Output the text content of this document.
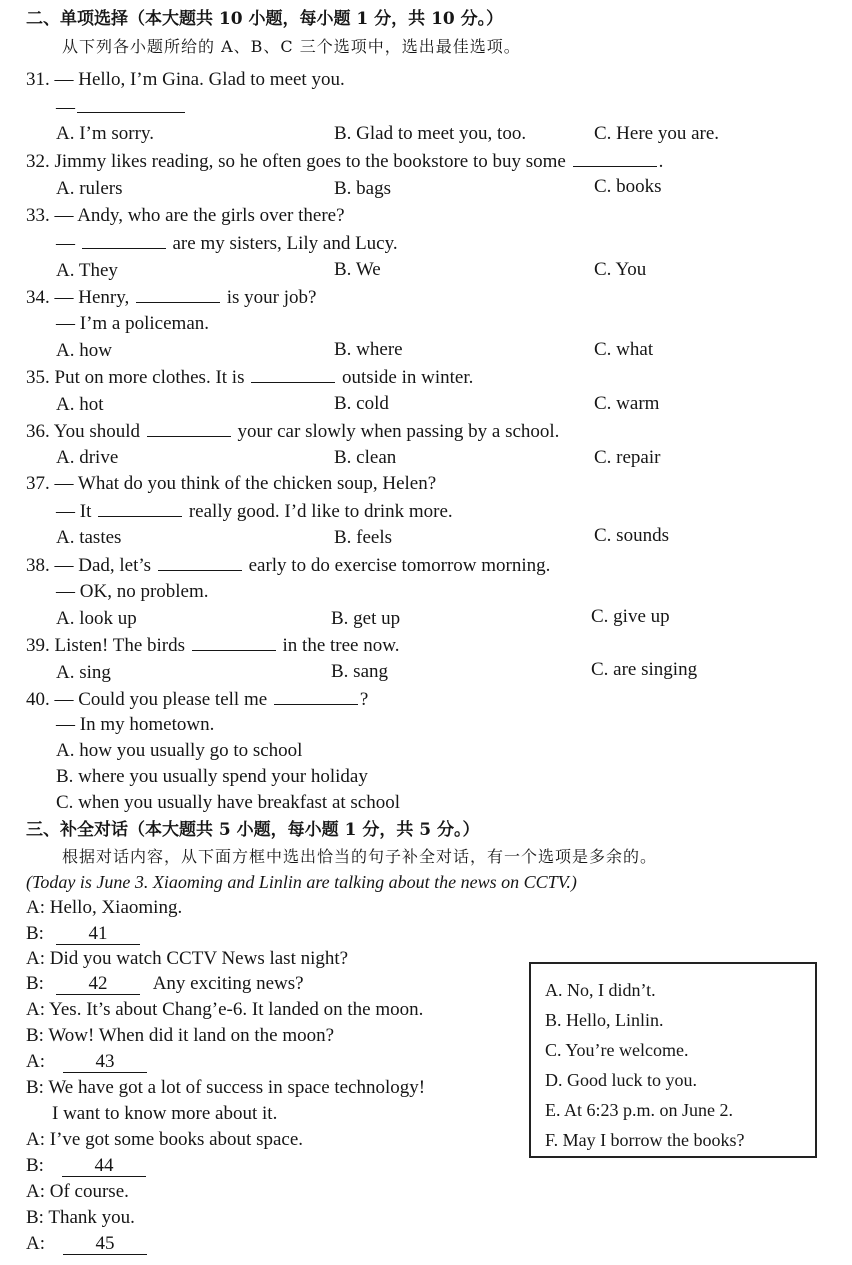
二、单项选择（本大题共 10 小题，每小题 1 分，共 10 分。）
从下列各小题所给的 A、B、C 三个选项中，选出最佳选项。
31. — Hello, I’m Gina. Glad to meet you.
—
A. I’m sorry.	B. Glad to meet you, too.	C. Here you are.
32. Jimmy likes reading, so he often goes to the bookstore to buy some	.
A. rulers	B. bags	C. books
33. — Andy, who are the girls over there?
—	are my sisters, Lily and Lucy.
A. They	B. We	C. You
34. — Henry,	is your job?
— I’m a policeman.
A. how	B. where	C. what
35. Put on more clothes. It is	outside in winter.
A. hot	B. cold	C. warm
36. You should	your car slowly when passing by a school.
A. drive	B. clean	C. repair
37. — What do you think of the chicken soup, Helen?
— It	really good. I’d like to drink more.
A. tastes	B. feels	C. sounds
38. — Dad, let’s	early to do exercise tomorrow morning.
— OK, no problem.
A. look up	B. get up	C. give up
39. Listen! The birds	in the tree now.
A. sing	B. sang	C. are singing
40. — Could you please tell me	?
— In my hometown.
A. how you usually go to school
B. where you usually spend your holiday
C. when you usually have breakfast at school
三、补全对话（本大题共 5 小题，每小题 1 分，共 5 分。）
根据对话内容，从下面方框中选出恰当的句子补全对话，有一个选项是多余的。
(Today is June 3. Xiaoming and Linlin are talking about the news on CCTV.)
A: Hello, Xiaoming.
B: 41
A: Did you watch CCTV News last night?
B: 42 Any exciting news?
A: Yes. It’s about Chang’e-6. It landed on the moon.
B: Wow! When did it land on the moon?
A:	43
B: We have got a lot of success in space technology!
I want to know more about it.
A: I’ve got some books about space.
B:	44
A: Of course.
B: Thank you.
A:	45
A. No, I didn’t.
B. Hello, Linlin.
C. You’re welcome.
D. Good luck to you.
E. At 6:23 p.m. on June 2.
F. May I borrow the books?
